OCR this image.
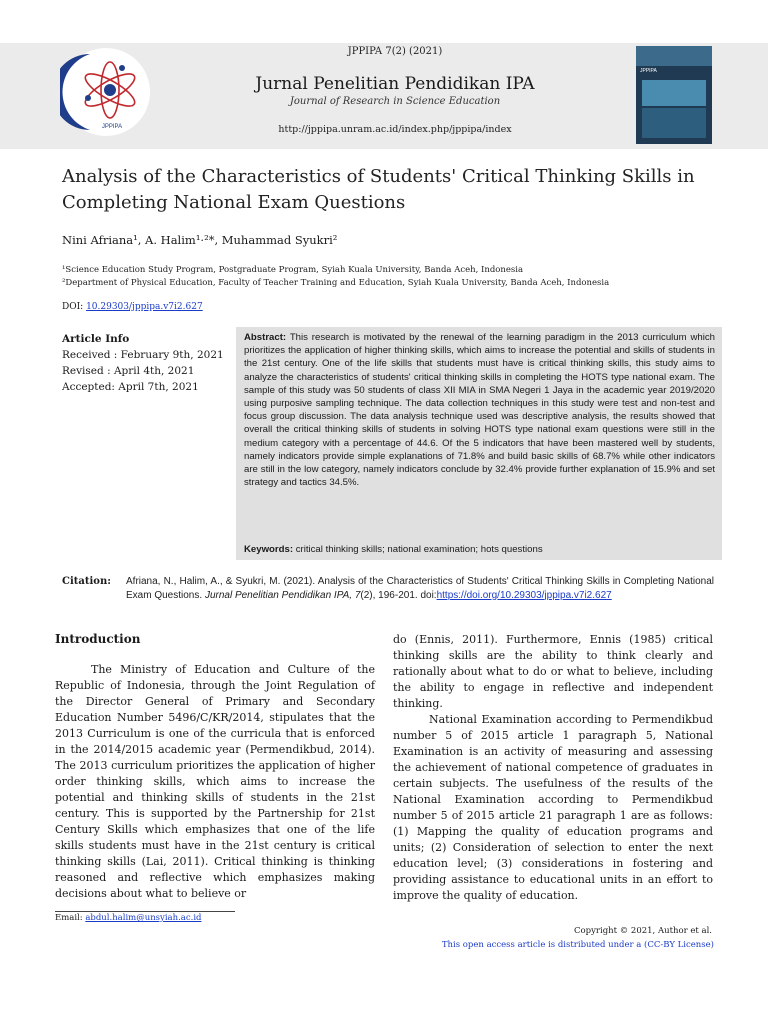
JPPIPA
JPPIPA
JPPIPA 7(2) (2021)
Jurnal Penelitian Pendidikan IPA
Journal of Research in Science Education
http://jppipa.unram.ac.id/index.php/jppipa/index
Analysis of the Characteristics of Students' Critical Thinking Skills in Completing National Exam Questions
Nini Afriana¹, A. Halim¹·²*, Muhammad Syukri²
¹Science Education Study Program, Postgraduate Program, Syiah Kuala University, Banda Aceh, Indonesia
²Department of Physical Education, Faculty of Teacher Training and Education, Syiah Kuala University, Banda Aceh, Indonesia
DOI: 10.29303/jppipa.v7i2.627
Article Info
Received : February 9th, 2021
Revised : April 4th, 2021
Accepted: April 7th, 2021
Abstract: This research is motivated by the renewal of the learning paradigm in the 2013 curriculum which prioritizes the application of higher thinking skills, which aims to increase the potential and skills of students in the 21st century. One of the life skills that students must have is critical thinking skills, this study aims to analyze the characteristics of students' critical thinking skills in completing the HOTS type national exam. The sample of this study was 50 students of class XII MIA in SMA Negeri 1 Jaya in the academic year 2019/2020 using purposive sampling technique. The data collection techniques in this study were test and non-test and focus group discussion. The data analysis technique used was descriptive analysis, the results showed that overall the critical thinking skills of students in solving HOTS type national exam questions were still in the medium category with a percentage of 44.6. Of the 5 indicators that have been mastered well by students, namely indicators provide simple explanations of 71.8% and build basic skills of 68.7% while other indicators are still in the low category, namely indicators conclude by 32.4% provide further explanation of 15.9% and set strategy and tactics 34.5%.
Keywords: critical thinking skills; national examination; hots questions
Citation: Afriana, N., Halim, A., & Syukri, M. (2021). Analysis of the Characteristics of Students' Critical Thinking Skills in Completing National Exam Questions. Jurnal Penelitian Pendidikan IPA, 7(2), 196-201. doi:https://doi.org/10.29303/jppipa.v7i2.627
Introduction

The Ministry of Education and Culture of the Republic of Indonesia, through the Joint Regulation of the Director General of Primary and Secondary Education Number 5496/C/KR/2014, stipulates that the 2013 Curriculum is one of the curricula that is enforced in the 2014/2015 academic year (Permendikbud, 2014). The 2013 curriculum prioritizes the application of higher order thinking skills, which aims to increase the potential and thinking skills of students in the 21st century. This is supported by the Partnership for 21st Century Skills which emphasizes that one of the life skills students must have in the 21st century is critical thinking skills (Lai, 2011). Critical thinking is thinking reasoned and reflective which emphasizes making decisions about what to believe or

do (Ennis, 2011). Furthermore, Ennis (1985) critical thinking skills are the ability to think clearly and rationally about what to do or what to believe, including the ability to engage in reflective and independent thinking.

National Examination according to Permendikbud number 5 of 2015 article 1 paragraph 5, National Examination is an activity of measuring and assessing the achievement of national competence of graduates in certain subjects. The usefulness of the results of the National Examination according to Permendikbud number 5 of 2015 article 21 paragraph 1 are as follows: (1) Mapping the quality of education programs and units; (2) Consideration of selection to enter the next education level; (3) considerations in fostering and providing assistance to educational units in an effort to improve the quality of education.

Email: abdul.halim@unsyiah.ac.id
Copyright © 2021, Author et al.
This open access article is distributed under a (CC-BY License)
